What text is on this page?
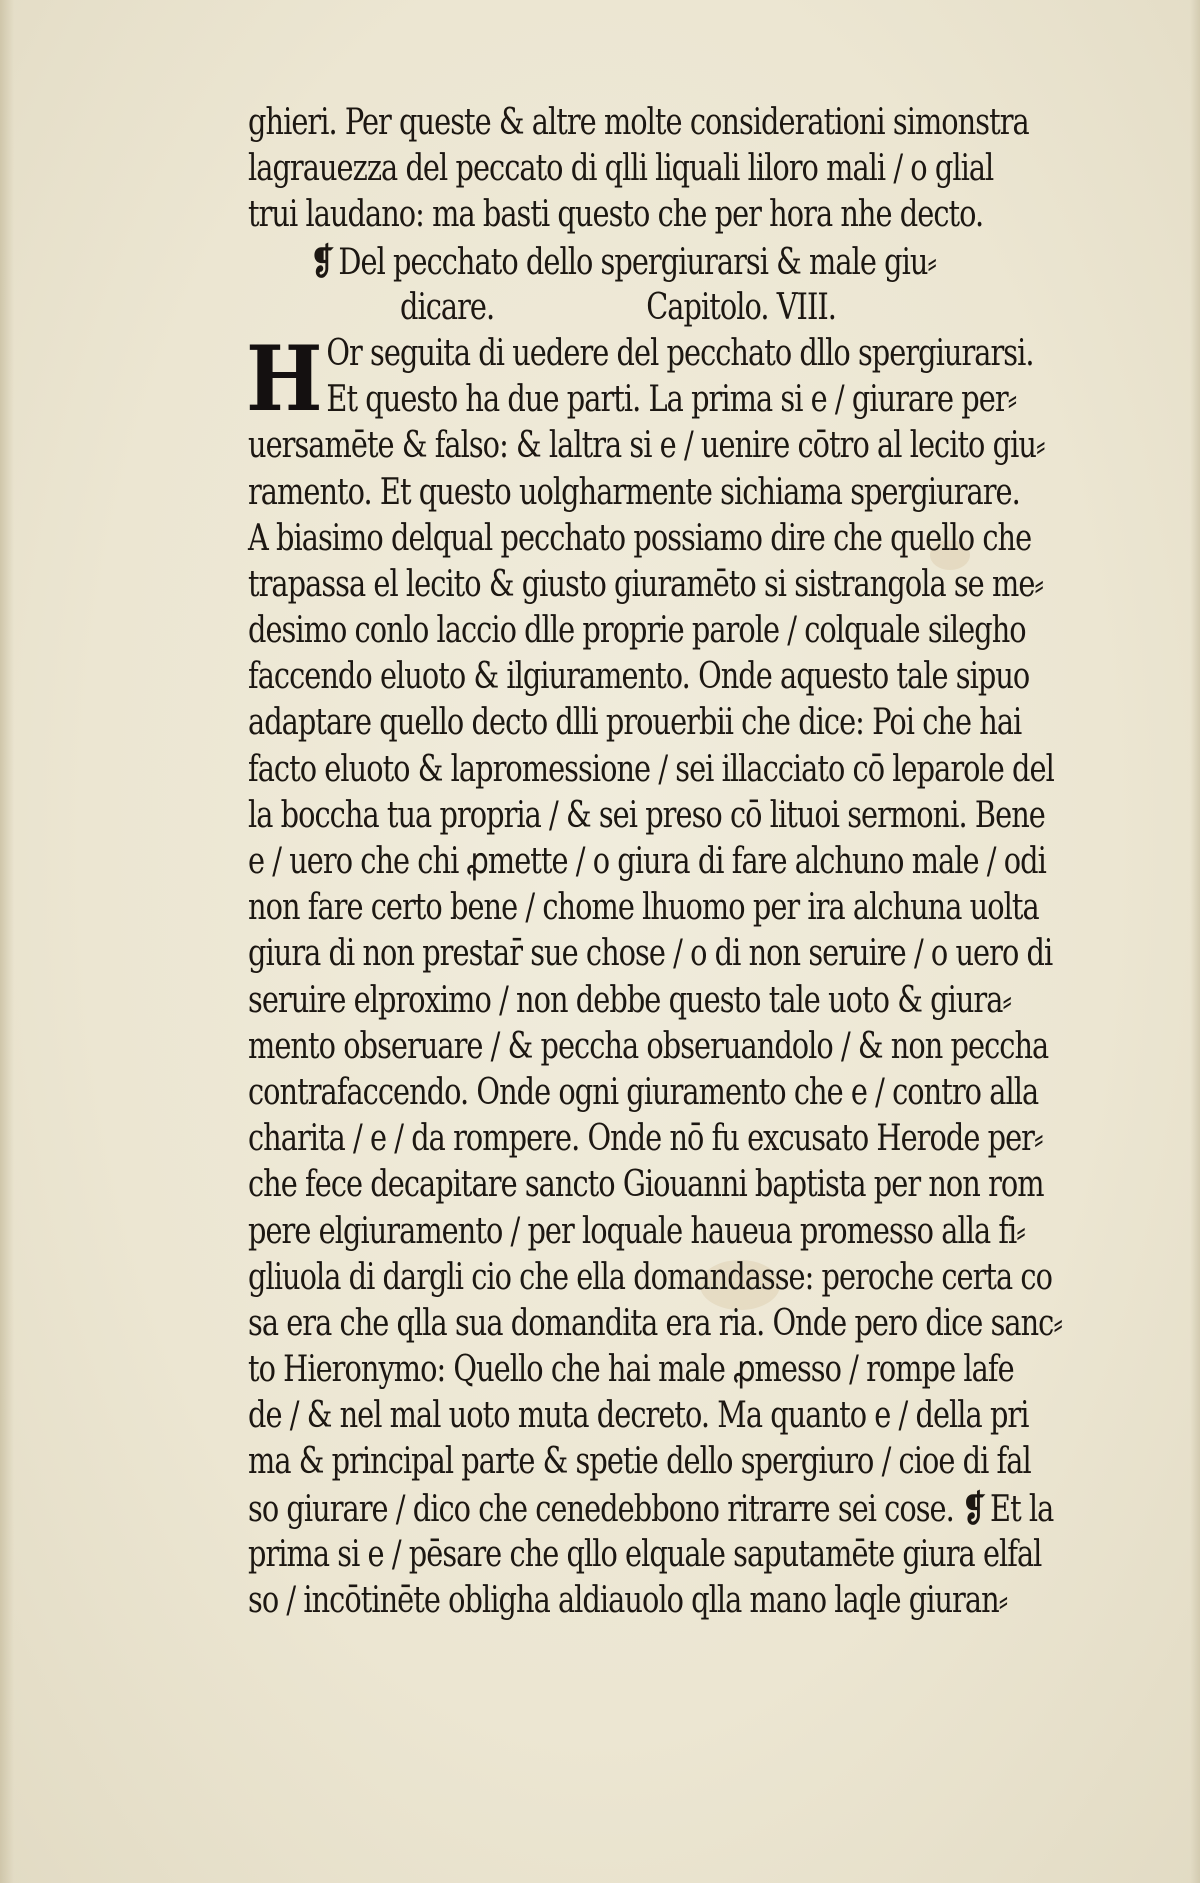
ghieri. Per queste & altre molte considerationi simonstra
lagrauezza del peccato di qlli liquali liloro mali / o glial
trui laudano: ma basti questo che per hora nhe decto.
❡ Del pecchato dello spergiurarsi & male giu⸗
dicare.	Capitolo. VIII.
H Or seguita di uedere del pecchato dllo spergiurarsi.
Et questo ha due parti. La prima si e / giurare per⸗
uersamēte & falso: & laltra si e / uenire cōtro al lecito giu⸗
ramento. Et questo uolgharmente sichiama spergiurare.
A biasimo delqual pecchato possiamo dire che quello che
trapassa el lecito & giusto giuramēto si sistrangola se me⸗
desimo conlo laccio dlle proprie parole / colquale silegho
faccendo eluoto & ilgiuramento. Onde aquesto tale sipuo
adaptare quello decto dlli prouerbii che dice: Poi che hai
facto eluoto & lapromessione / sei illacciato cō leparole del
la boccha tua propria / & sei preso cō lituoi sermoni. Bene
e / uero che chi ꝓmette / o giura di fare alchuno male / odi
non fare certo bene / chome lhuomo per ira alchuna uolta
giura di non prestar̄ sue chose / o di non seruire / o uero di
seruire elproximo / non debbe questo tale uoto & giura⸗
mento obseruare / & peccha obseruandolo / & non peccha
contrafaccendo. Onde ogni giuramento che e / contro alla
charita / e / da rompere. Onde nō fu excusato Herode per⸗
che fece decapitare sancto Giouanni baptista per non rom
pere elgiuramento / per loquale haueua promesso alla fi⸗
gliuola di dargli cio che ella domandasse: perochе certa co
sa era che qlla sua domandita era ria. Onde pero dice sanc⸗
to Hieronymo: Quello che hai male ꝓmesso / rompe lafe
de / & nel mal uoto muta decreto. Ma quanto e / della pri
ma & principal parte & spetie dello spergiuro / cioe di fal
so giurare / dico che cenedebbono ritrarre sei cose. ❡ Et la
prima si e / pēsare che qllo elquale saputamēte giura elfal
so / incōtinēte oblighа aldiauolo qlla mano laqle giuran⸗
